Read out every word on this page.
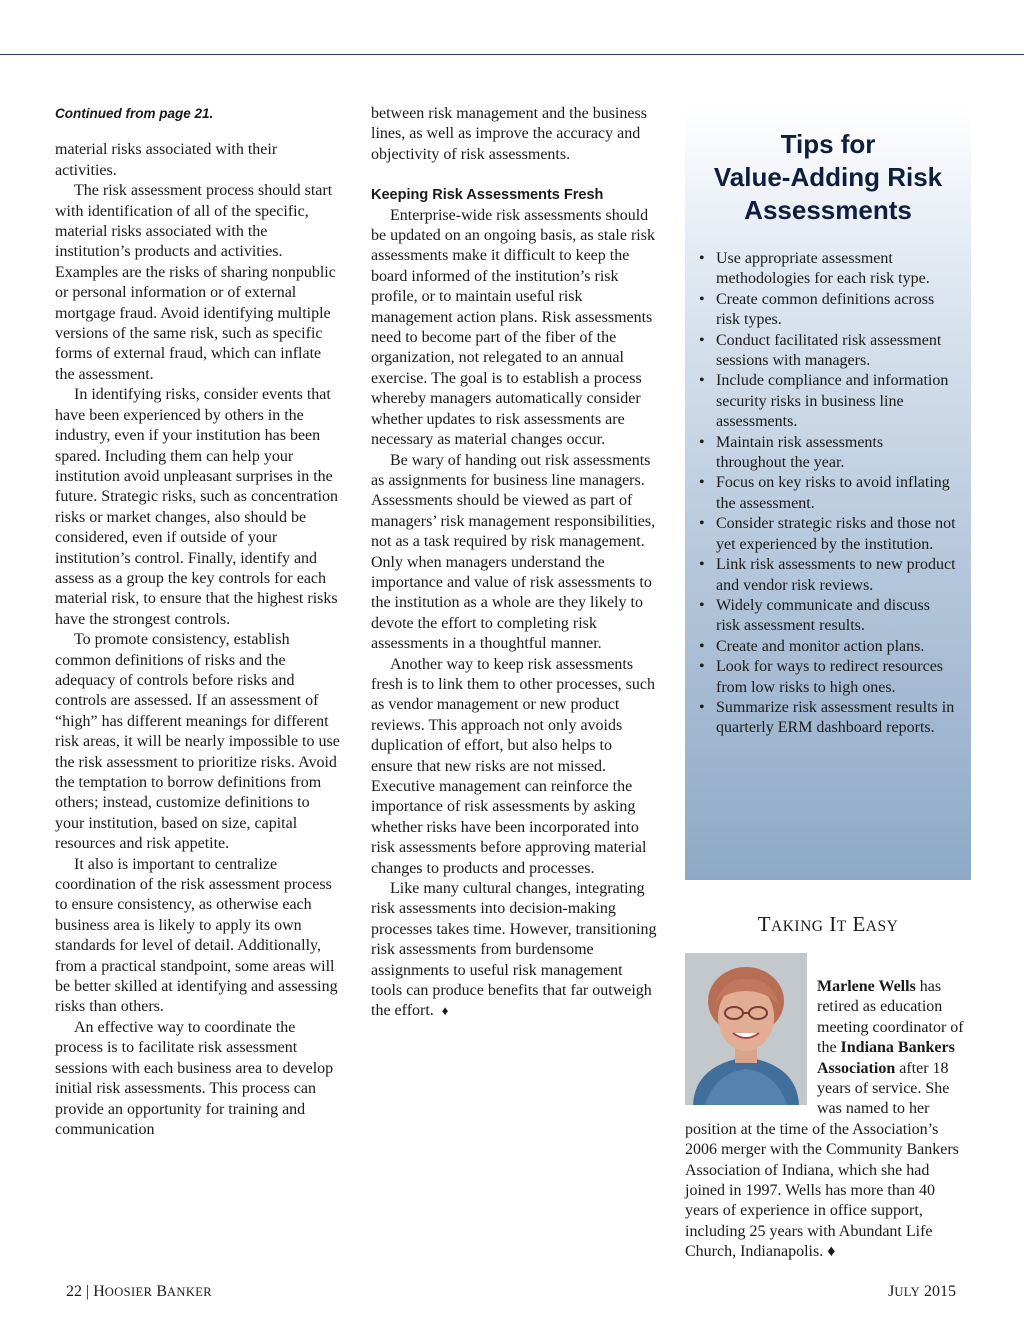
Continued from page 21.

material risks associated with their activities.

The risk assessment process should start with identification of all of the specific, material risks associated with the institution’s products and activities. Examples are the risks of sharing nonpublic or personal information or of external mortgage fraud. Avoid identifying multiple versions of the same risk, such as specific forms of external fraud, which can inflate the assessment.

In identifying risks, consider events that have been experienced by others in the industry, even if your institution has been spared. Including them can help your institution avoid unpleasant surprises in the future. Strategic risks, such as concentration risks or market changes, also should be considered, even if outside of your institution’s control. Finally, identify and assess as a group the key controls for each material risk, to ensure that the highest risks have the strongest controls.

To promote consistency, establish common definitions of risks and the adequacy of controls before risks and controls are assessed. If an assessment of “high” has different meanings for different risk areas, it will be nearly impossible to use the risk assessment to prioritize risks. Avoid the temptation to borrow definitions from others; instead, customize definitions to your institution, based on size, capital resources and risk appetite.

It also is important to centralize coordination of the risk assessment process to ensure consistency, as otherwise each business area is likely to apply its own standards for level of detail. Additionally, from a practical standpoint, some areas will be better skilled at identifying and assessing risks than others.

An effective way to coordinate the process is to facilitate risk assessment sessions with each business area to develop initial risk assessments. This process can provide an opportunity for training and communication

between risk management and the business lines, as well as improve the accuracy and objectivity of risk assessments.

Keeping Risk Assessments Fresh

Enterprise-wide risk assessments should be updated on an ongoing basis, as stale risk assessments make it difficult to keep the board informed of the institution’s risk profile, or to maintain useful risk management action plans. Risk assessments need to become part of the fiber of the organization, not relegated to an annual exercise. The goal is to establish a process whereby managers automatically consider whether updates to risk assessments are necessary as material changes occur.

Be wary of handing out risk assessments as assignments for business line managers. Assessments should be viewed as part of managers’ risk management responsibilities, not as a task required by risk management. Only when managers understand the importance and value of risk assessments to the institution as a whole are they likely to devote the effort to completing risk assessments in a thoughtful manner.

Another way to keep risk assessments fresh is to link them to other processes, such as vendor management or new product reviews. This approach not only avoids duplication of effort, but also helps to ensure that new risks are not missed. Executive management can reinforce the importance of risk assessments by asking whether risks have been incorporated into risk assessments before approving material changes to products and processes.

Like many cultural changes, integrating risk assessments into decision-making processes takes time. However, transitioning risk assessments from burdensome assignments to useful risk management tools can produce benefits that far outweigh the effort. ♦

Tips for
Value-Adding Risk
Assessments
• Use appropriate assessment methodologies for each risk type.
• Create common definitions across risk types.
• Conduct facilitated risk assessment sessions with managers.
• Include compliance and information security risks in business line assessments.
• Maintain risk assessments throughout the year.
• Focus on key risks to avoid inflating the assessment.
• Consider strategic risks and those not yet experienced by the institution.
• Link risk assessments to new product and vendor risk reviews.
• Widely communicate and discuss risk assessment results.
• Create and monitor action plans.
• Look for ways to redirect resources from low risks to high ones.
• Summarize risk assessment results in quarterly ERM dashboard reports.
TAKING IT EASY

Marlene Wells has retired as education meeting coordinator of the Indiana Bankers Association after 18 years of service. She was named to her position at the time of the Association’s 2006 merger with the Community Bankers Association of Indiana, which she had joined in 1997. Wells has more than 40 years of experience in office support, including 25 years with Abundant Life Church, Indianapolis. ♦

22 | HOOSIER BANKER	JULY 2015
